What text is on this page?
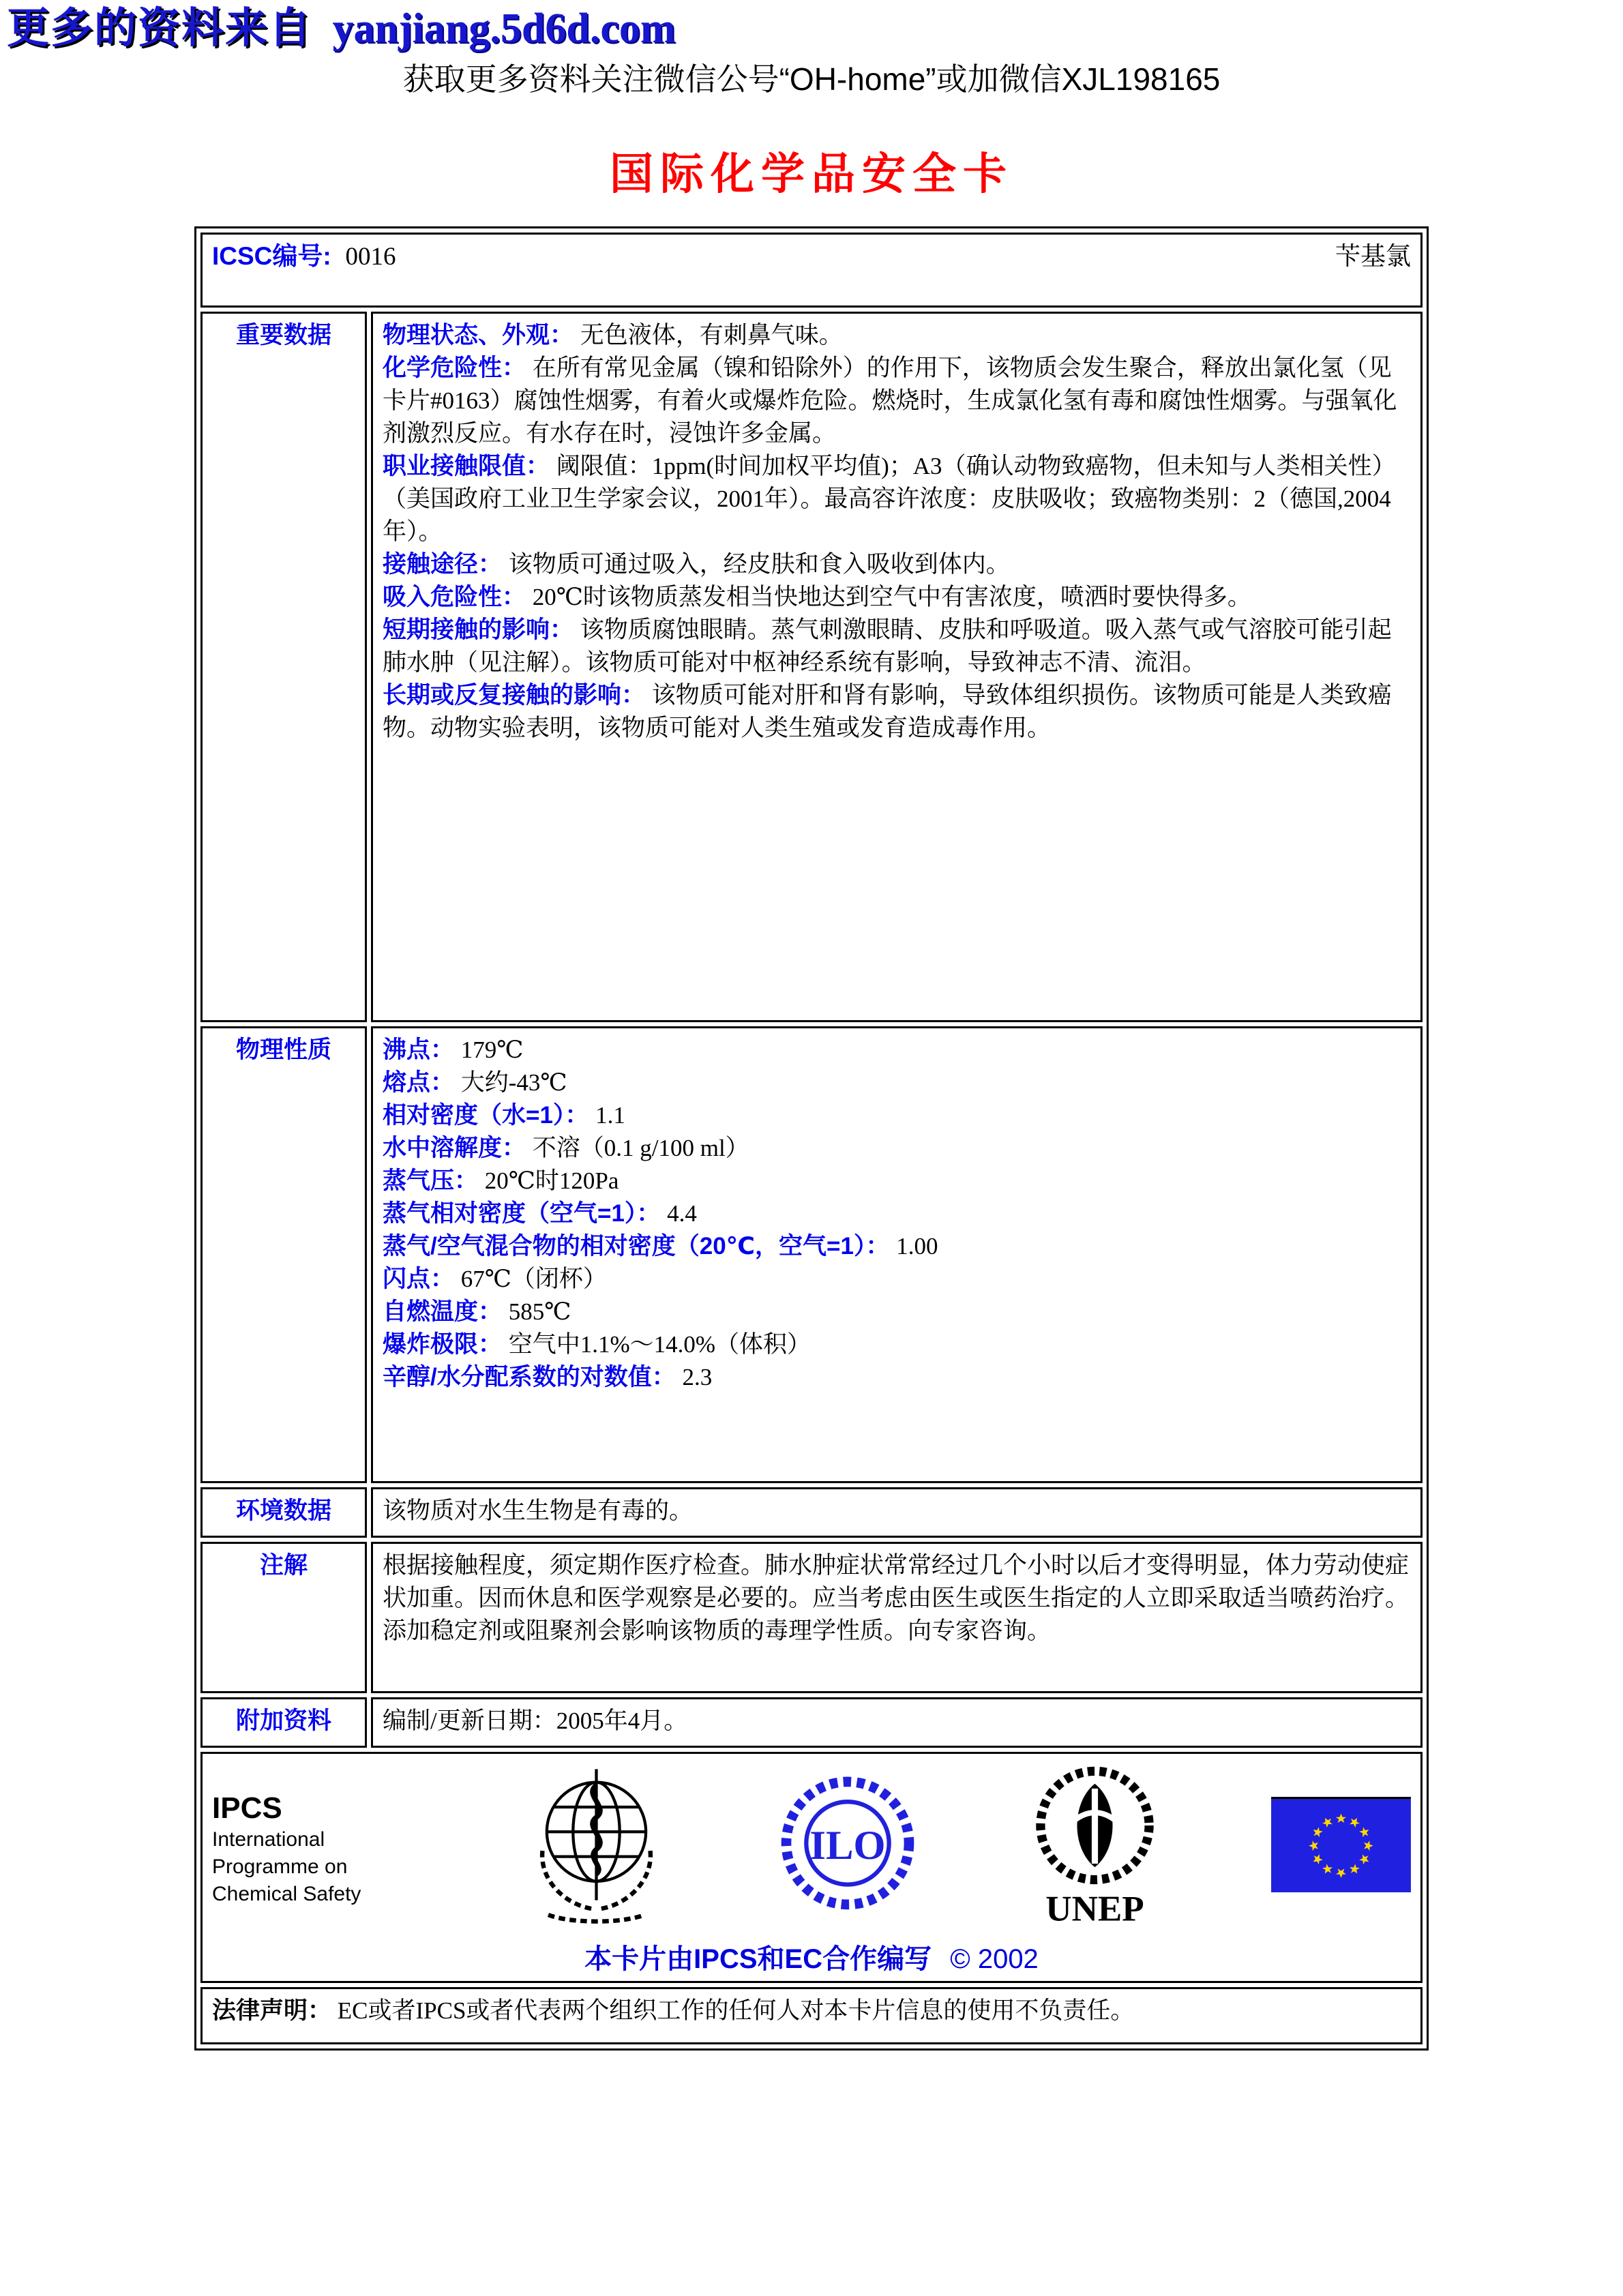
更多的资料来自 yanjiang.5d6d.com
获取更多资料关注微信公号“OH-home”或加微信XJL198165
国际化学品安全卡
ICSC编号: 0016 苄基氯	

重要数据	物理状态、外观： 无色液体，有刺鼻气味。

化学危险性： 在所有常见金属（镍和铅除外）的作用下，该物质会发生聚合，释放出氯化氢（见卡片#0163）腐蚀性烟雾，有着火或爆炸危险。燃烧时，生成氯化氢有毒和腐蚀性烟雾。与强氧化剂激烈反应。有水存在时，浸蚀许多金属。

职业接触限值： 阈限值：1ppm(时间加权平均值)；A3（确认动物致癌物，但未知与人类相关性）（美国政府工业卫生学家会议，2001年）。最高容许浓度：皮肤吸收；致癌物类别：2（德国,2004年）。

接触途径： 该物质可通过吸入，经皮肤和食入吸收到体内。

吸入危险性： 20℃时该物质蒸发相当快地达到空气中有害浓度，喷洒时要快得多。

短期接触的影响： 该物质腐蚀眼睛。蒸气刺激眼睛、皮肤和呼吸道。吸入蒸气或气溶胶可能引起肺水肿（见注解）。该物质可能对中枢神经系统有影响，导致神志不清、流泪。

长期或反复接触的影响： 该物质可能对肝和肾有影响，导致体组织损伤。该物质可能是人类致癌物。动物实验表明，该物质可能对人类生殖或发育造成毒作用。

物理性质	沸点： 179℃

熔点： 大约-43℃

相对密度（水=1）： 1.1

水中溶解度： 不溶（0.1 g/100 ml）

蒸气压： 20℃时120Pa

蒸气相对密度（空气=1）： 4.4

蒸气/空气混合物的相对密度（20℃，空气=1）： 1.00

闪点： 67℃（闭杯）

自燃温度： 585℃

爆炸极限： 空气中1.1%～14.0%（体积）

辛醇/水分配系数的对数值： 2.3

环境数据	该物质对水生生物是有毒的。

注解	根据接触程度，须定期作医疗检查。肺水肿症状常常经过几个小时以后才变得明显，体力劳动使症状加重。因而休息和医学观察是必要的。应当考虑由医生或医生指定的人立即采取适当喷药治疗。添加稳定剂或阻聚剂会影响该物质的毒理学性质。向专家咨询。

附加资料	编制/更新日期：2005年4月。

IPCS
International
Programme on
Chemical Safety
ILO
UNEP
本卡片由IPCS和EC合作编写 © 2002

法律声明： EC或者IPCS或者代表两个组织工作的任何人对本卡片信息的使用不负责任。	
